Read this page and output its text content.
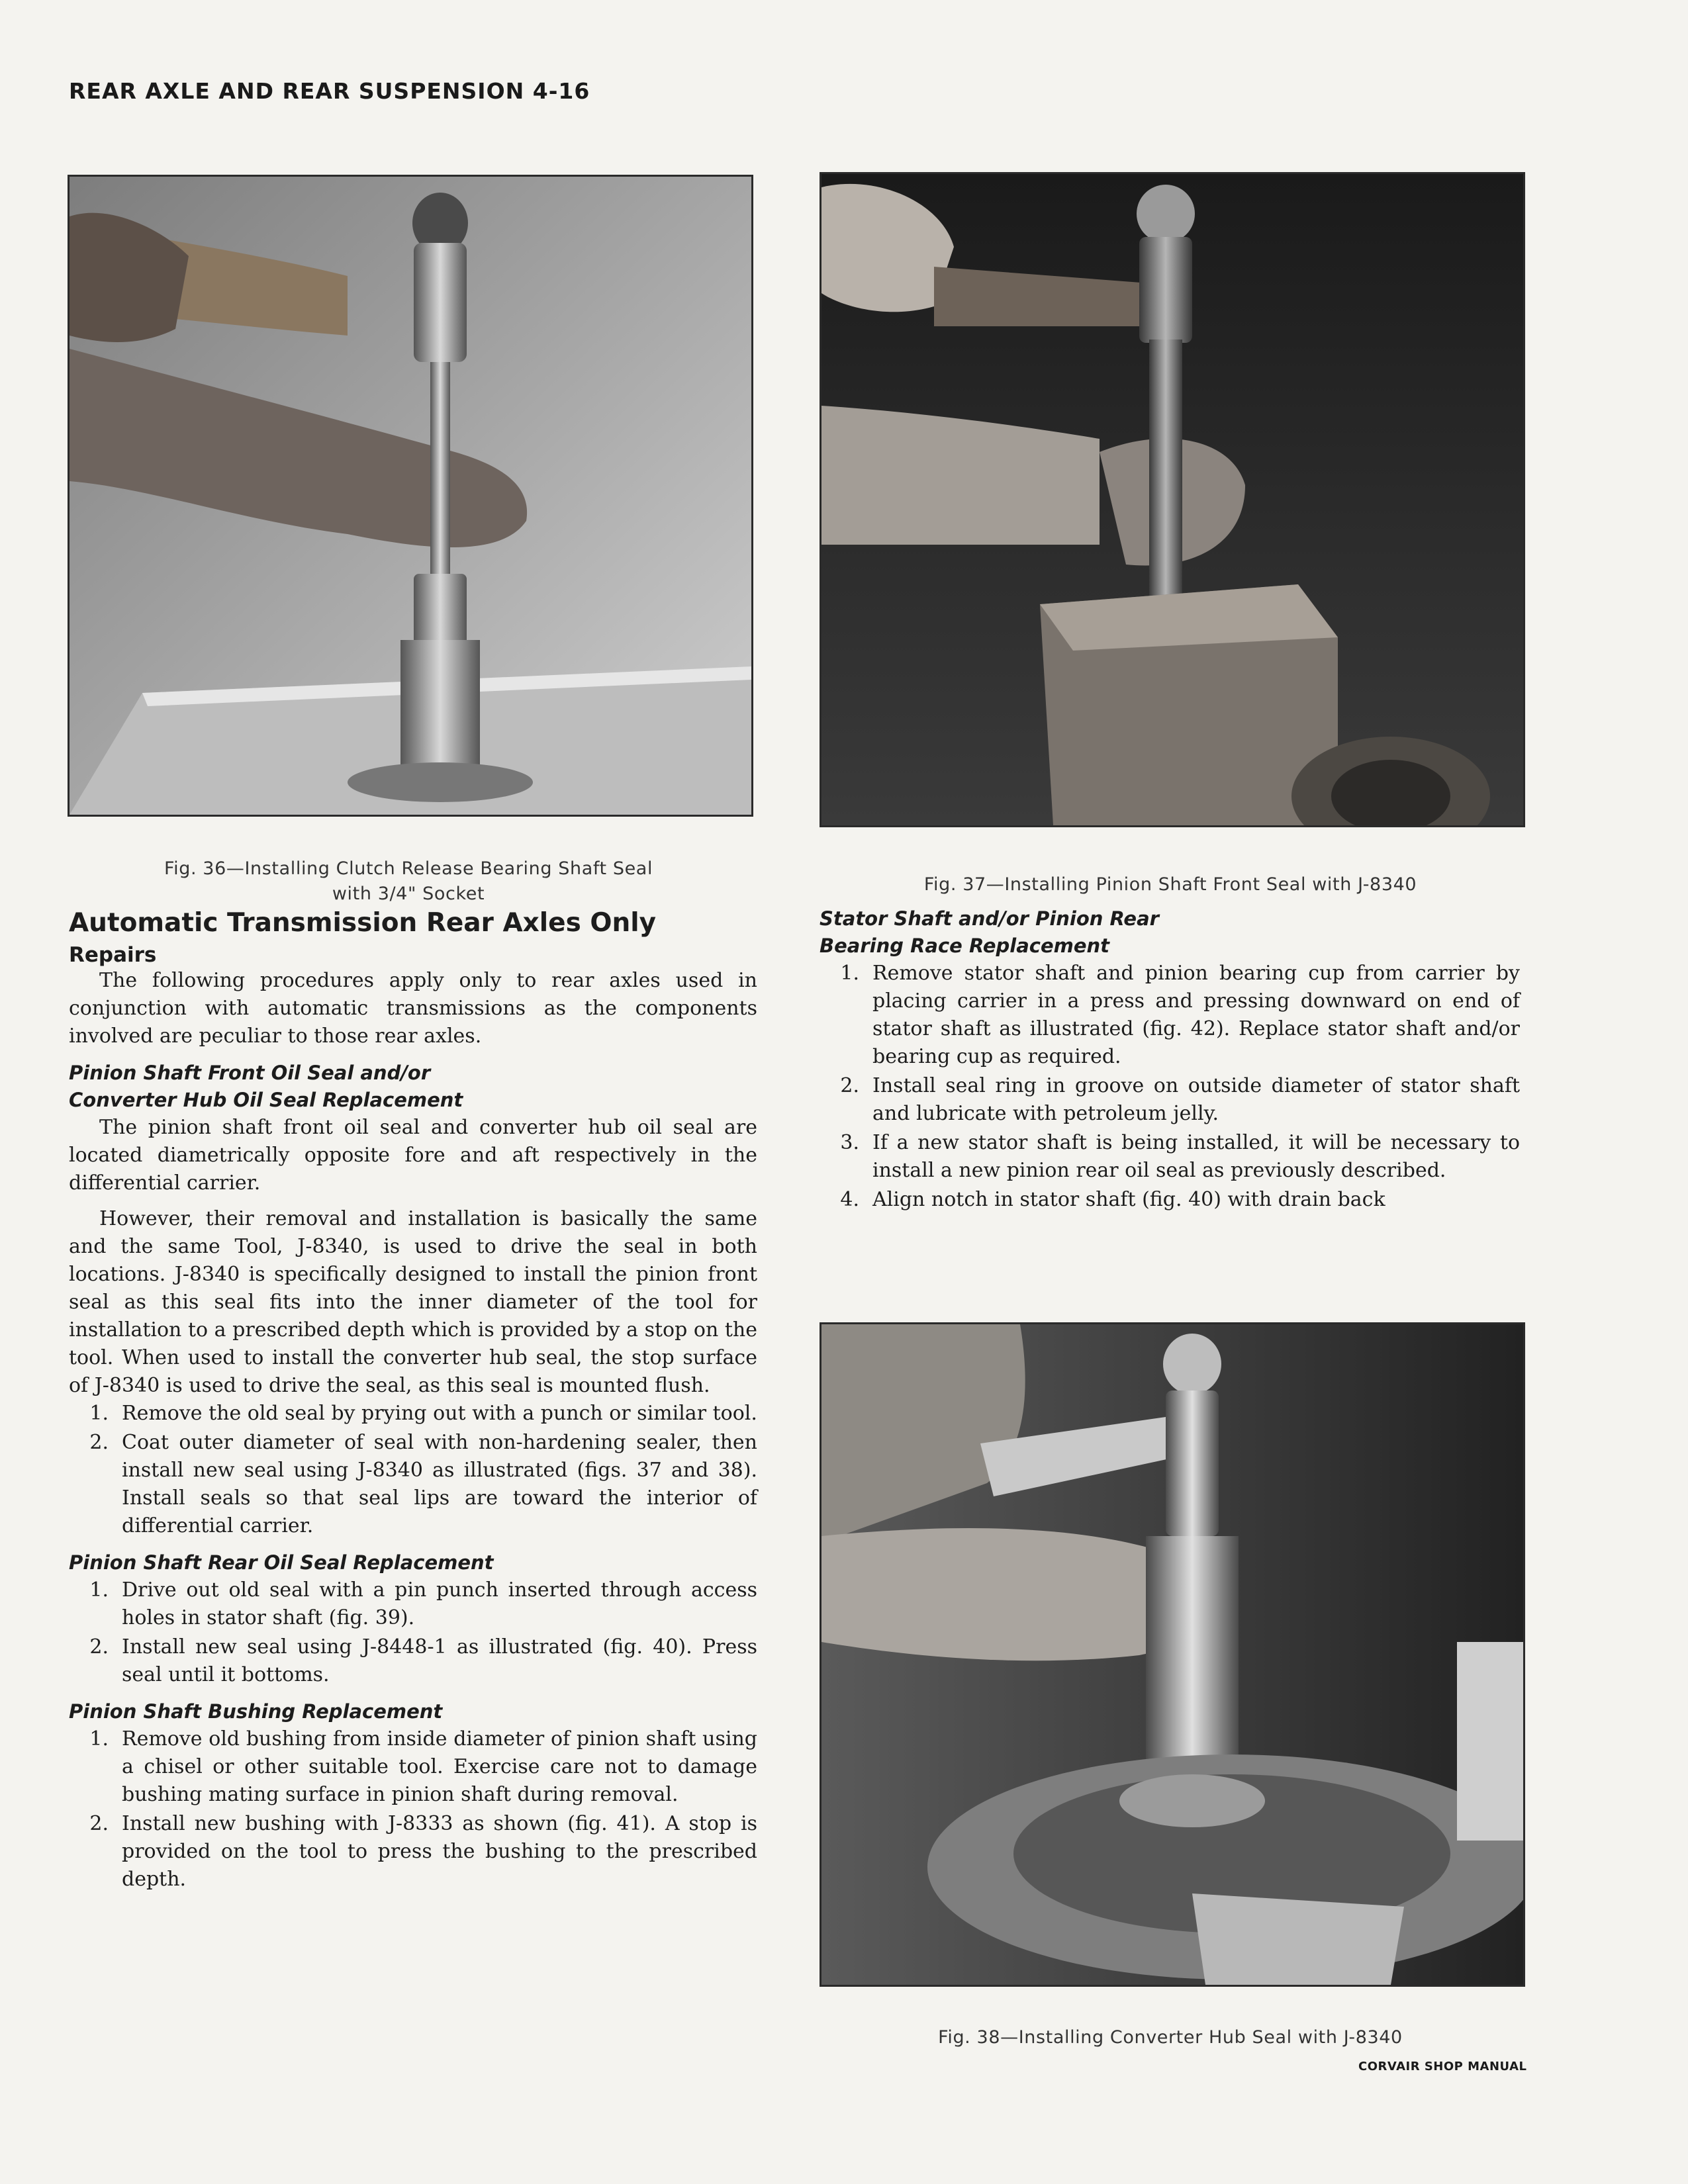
REAR AXLE AND REAR SUSPENSION 4-16
Fig. 36—Installing Clutch Release Bearing Shaft Seal
with 3/4" Socket	Fig. 37—Installing Pinion Shaft Front Seal with J-8340
Fig. 38—Installing Converter Hub Seal with J-8340
Automatic Transmission Rear Axles Only
Repairs

The following procedures apply only to rear axles used in conjunction with automatic transmissions as the components involved are peculiar to those rear axles.

Pinion Shaft Front Oil Seal and/or
Converter Hub Oil Seal Replacement

The pinion shaft front oil seal and converter hub oil seal are located diametrically opposite fore and aft respectively in the differential carrier.

However, their removal and installation is basically the same and the same Tool, J-8340, is used to drive the seal in both locations. J-8340 is specifically designed to install the pinion front seal as this seal fits into the inner diameter of the tool for installation to a prescribed depth which is provided by a stop on the tool. When used to install the converter hub seal, the stop surface of J-8340 is used to drive the seal, as this seal is mounted flush.

1. Remove the old seal by prying out with a punch or similar tool.
2. Coat outer diameter of seal with non-hardening sealer, then install new seal using J-8340 as illustrated (figs. 37 and 38). Install seals so that seal lips are toward the interior of differential carrier.
Pinion Shaft Rear Oil Seal Replacement
1. Drive out old seal with a pin punch inserted through access holes in stator shaft (fig. 39).
2. Install new seal using J-8448-1 as illustrated (fig. 40). Press seal until it bottoms.
Pinion Shaft Bushing Replacement
1. Remove old bushing from inside diameter of pinion shaft using a chisel or other suitable tool. Exercise care not to damage bushing mating surface in pinion shaft during removal.
2. Install new bushing with J-8333 as shown (fig. 41). A stop is provided on the tool to press the bushing to the prescribed depth.
Stator Shaft and/or Pinion Rear
Bearing Race Replacement
1. Remove stator shaft and pinion bearing cup from carrier by placing carrier in a press and pressing downward on end of stator shaft as illustrated (fig. 42). Replace stator shaft and/or bearing cup as required.
2. Install seal ring in groove on outside diameter of stator shaft and lubricate with petroleum jelly.
3. If a new stator shaft is being installed, it will be necessary to install a new pinion rear oil seal as previously described.
4. Align notch in stator shaft (fig. 40) with drain back
CORVAIR SHOP MANUAL
